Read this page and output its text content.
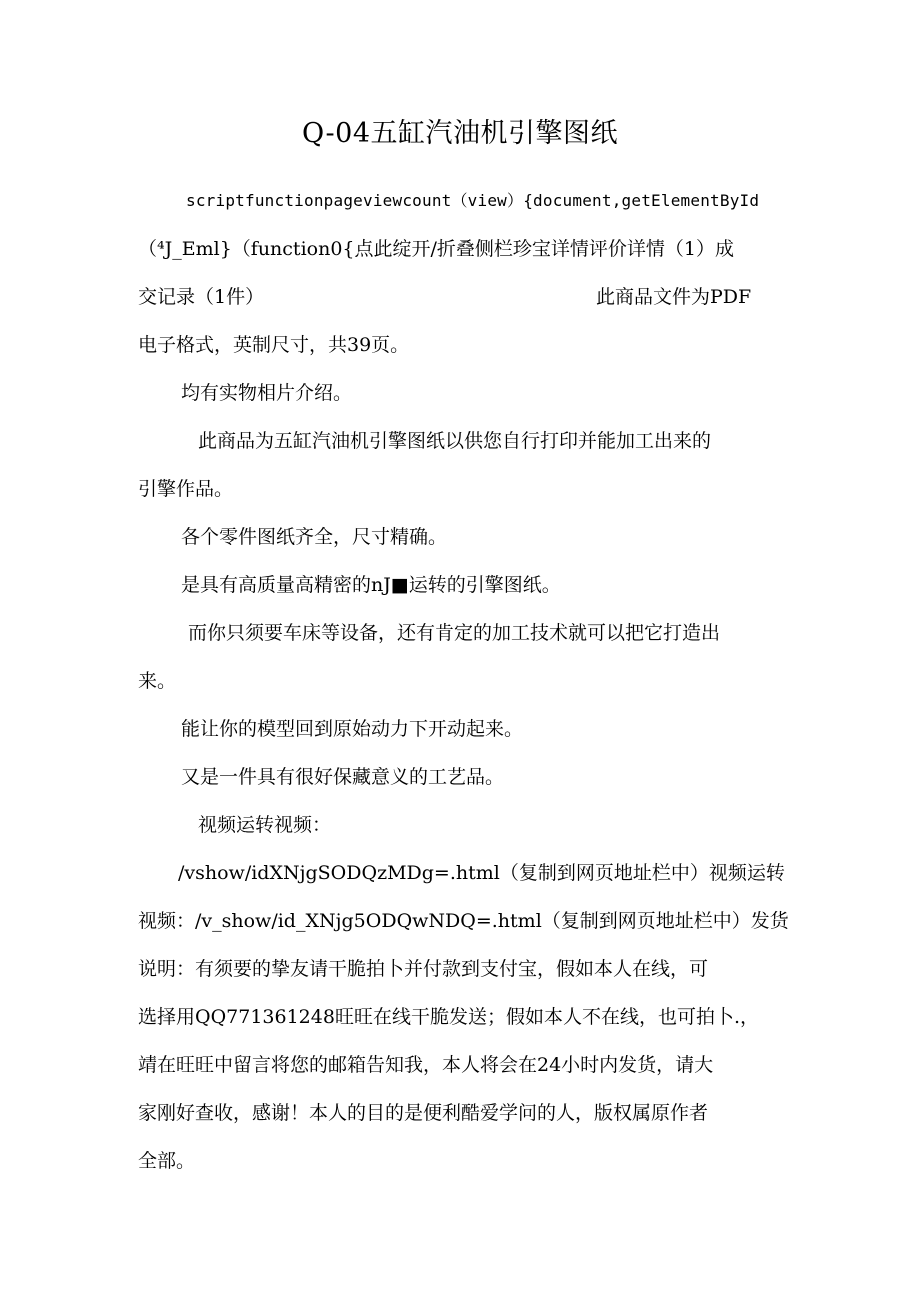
Q-04五缸汽油机引擎图纸
scriptfunctionpageviewcount（view）{document,getElementById
（⁴J_Eml}（function0{点此绽开/折叠侧栏珍宝详情评价详情（1）成
交记录（1件）	此商品文件为PDF
电子格式，英制尺寸，共39页。
均有实物相片介绍。
此商品为五缸汽油机引擎图纸以供您自行打印并能加工出来的
引擎作品。
各个零件图纸齐全，尺寸精确。
是具有高质量高精密的nJ■运转的引擎图纸。
而你只须要车床等设备，还有肯定的加工技术就可以把它打造出
来。
能让你的模型回到原始动力下开动起来。
又是一件具有很好保藏意义的工艺品。
视频运转视频：
/vshow/idXNjgSODQzMDg=.html（复制到网页地址栏中）视频运转
视频：/v_show/id_XNjg5ODQwNDQ=.html（复制到网页地址栏中）发货
说明：有须要的挚友请干脆拍卜并付款到支付宝，假如本人在线，可
选择用QQ771361248旺旺在线干脆发送；假如本人不在线，也可拍卜.，
靖在旺旺中留言将您的邮箱告知我，本人将会在24小时内发货，请大
家刚好查收，感谢！本人的目的是便利酷爱学问的人，版权属原作者
全部。
